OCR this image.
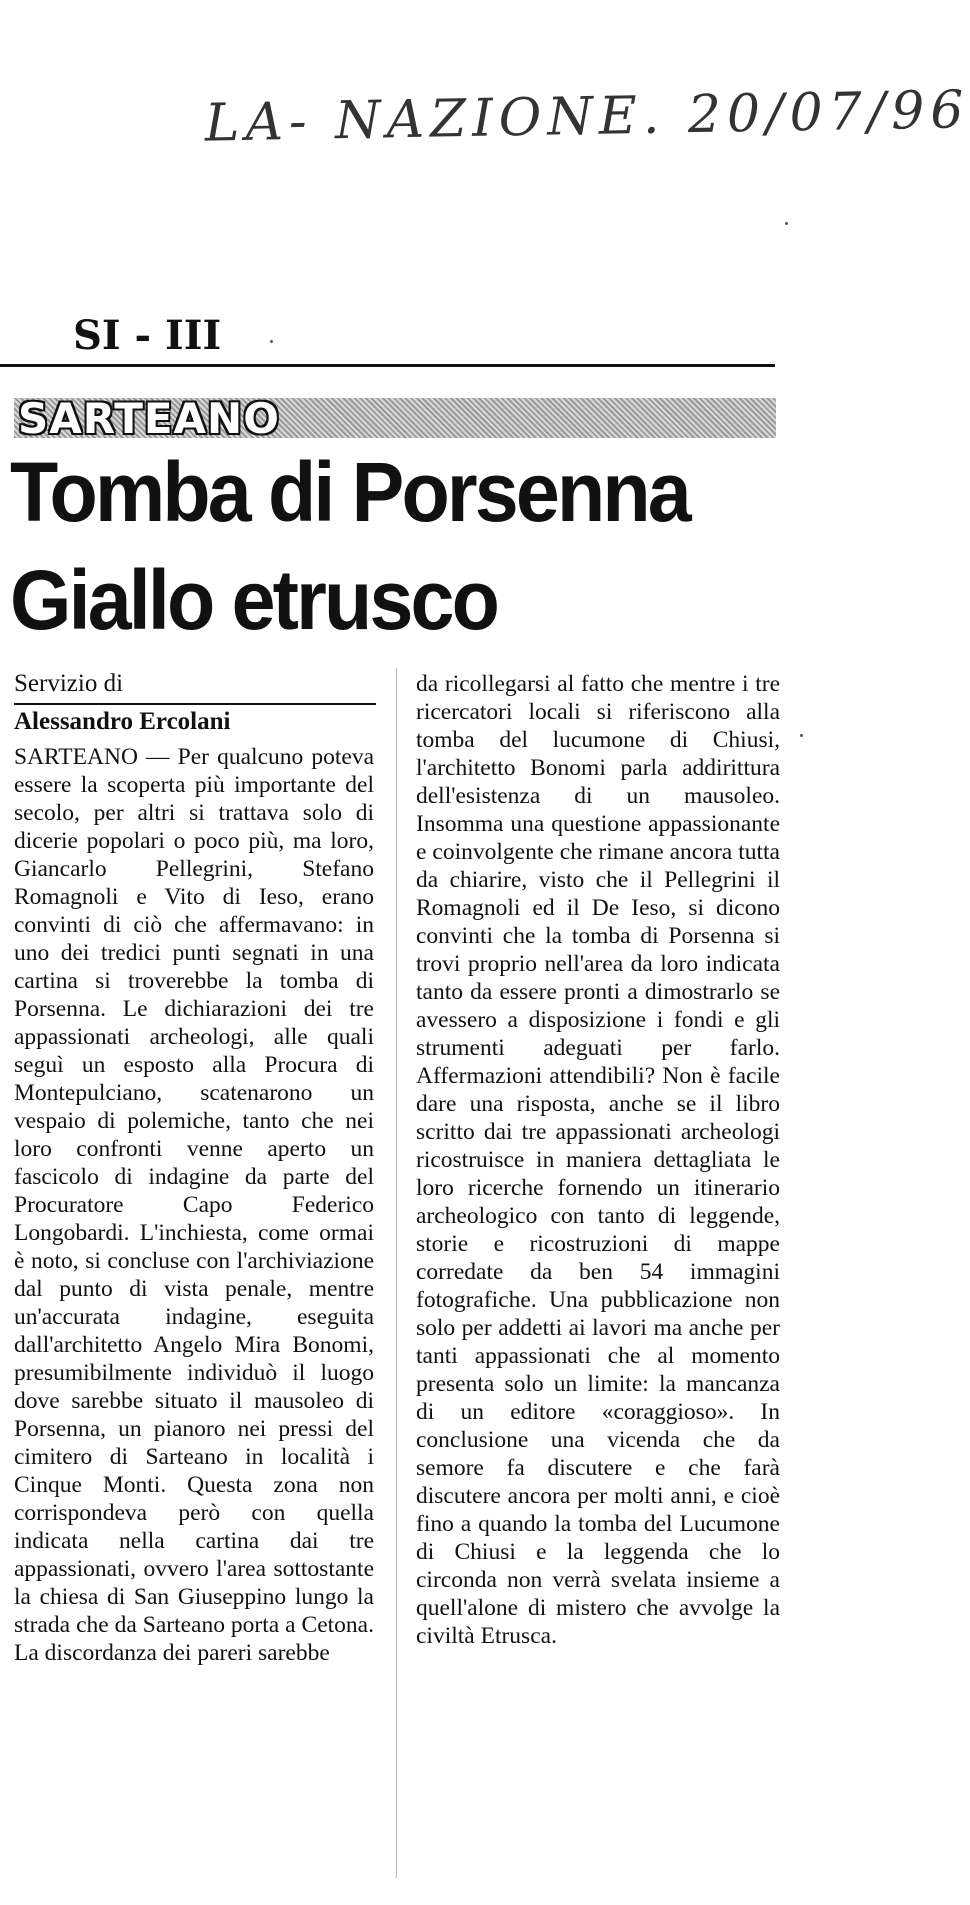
LA- NAZIONE. 20/07/96
SI - III
SARTEANO
Tomba di Porsenna
Giallo etrusco
Servizio di
Alessandro Ercolani
SARTEANO — Per qualcuno poteva essere la scoperta più importante del secolo, per altri si trattava solo di dicerie popolari o poco più, ma loro, Giancarlo Pellegrini, Stefano Romagnoli e Vito di Ieso, erano convinti di ciò che affermavano: in uno dei tredici punti segnati in una cartina si troverebbe la tomba di Porsenna. Le dichiarazioni dei tre appassionati archeologi, alle quali seguì un esposto alla Procura di Montepulciano, scatenarono un vespaio di polemiche, tanto che nei loro confronti venne aperto un fascicolo di indagine da parte del Procuratore Capo Federico Longobardi. L'inchiesta, come ormai è noto, si concluse con l'archiviazione dal punto di vista penale, mentre un'accurata indagine, eseguita dall'architetto Angelo Mira Bonomi, presumibilmente individuò il luogo dove sarebbe situato il mausoleo di Porsenna, un pianoro nei pressi del cimitero di Sarteano in località i Cinque Monti. Questa zona non corrispondeva però con quella indicata nella cartina dai tre appassionati, ovvero l'area sottostante la chiesa di San Giuseppino lungo la strada che da Sarteano porta a Cetona. La discordanza dei pareri sarebbe
da ricollegarsi al fatto che mentre i tre ricercatori locali si riferiscono alla tomba del lucumone di Chiusi, l'architetto Bonomi parla addirittura dell'esistenza di un mausoleo. Insomma una questione appassionante e coinvolgente che rimane ancora tutta da chiarire, visto che il Pellegrini il Romagnoli ed il De Ieso, si dicono convinti che la tomba di Porsenna si trovi proprio nell'area da loro indicata tanto da essere pronti a dimostrarlo se avessero a disposizione i fondi e gli strumenti adeguati per farlo. Affermazioni attendibili? Non è facile dare una risposta, anche se il libro scritto dai tre appassionati archeologi ricostruisce in maniera dettagliata le loro ricerche fornendo un itinerario archeologico con tanto di leggende, storie e ricostruzioni di mappe corredate da ben 54 immagini fotografiche. Una pubblicazione non solo per addetti ai lavori ma anche per tanti appassionati che al momento presenta solo un limite: la mancanza di un editore «coraggioso». In conclusione una vicenda che da semore fa discutere e che farà discutere ancora per molti anni, e cioè fino a quando la tomba del Lucumone di Chiusi e la leggenda che lo circonda non verrà svelata insieme a quell'alone di mistero che avvolge la civiltà Etrusca.
